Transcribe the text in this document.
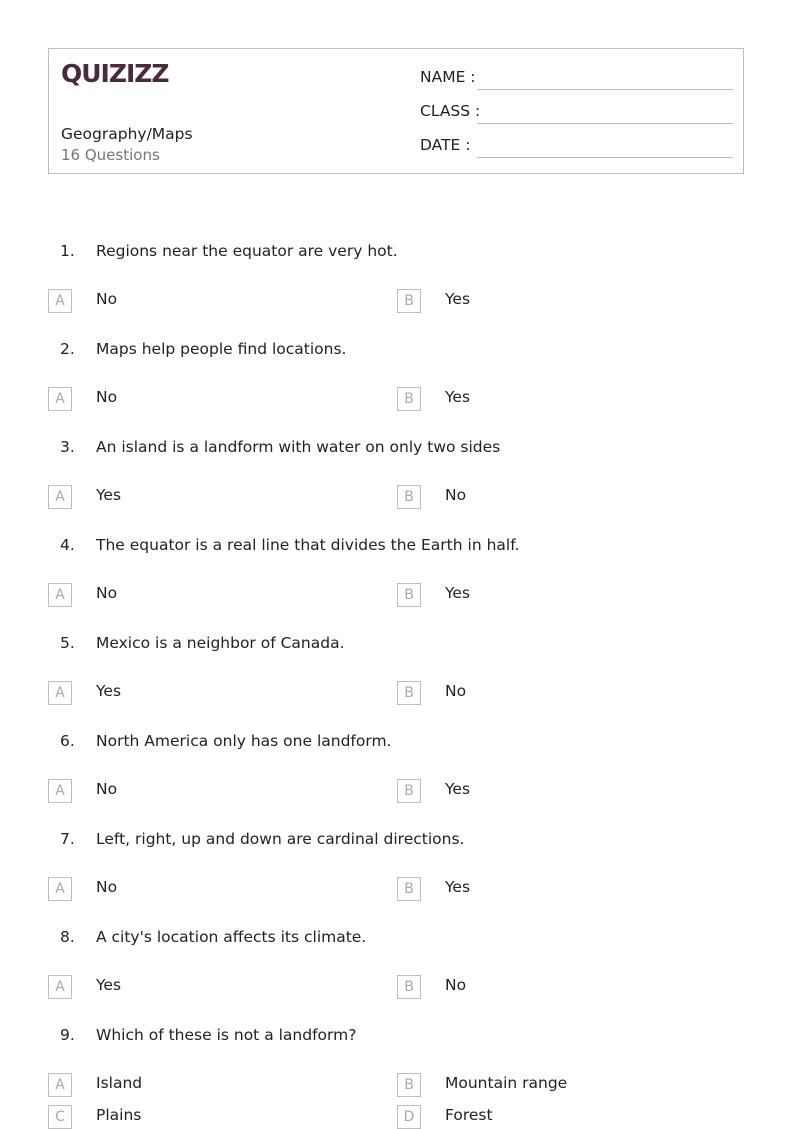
QUIZIZZ
Geography/Maps
16 Questions
NAME :
CLASS :
DATE :
1. Regions near the equator are very hot.
A	No	B	Yes
2. Maps help people find locations.
A	No	B	Yes
3. An island is a landform with water on only two sides
A	Yes	B	No
4. The equator is a real line that divides the Earth in half.
A	No	B	Yes
5. Mexico is a neighbor of Canada.
A	Yes	B	No
6. North America only has one landform.
A	No	B	Yes
7. Left, right, up and down are cardinal directions.
A	No	B	Yes
8. A city's location affects its climate.
A	Yes	B	No
9. Which of these is not a landform?
A	Island	B	Mountain range
C	Plains	D	Forest
